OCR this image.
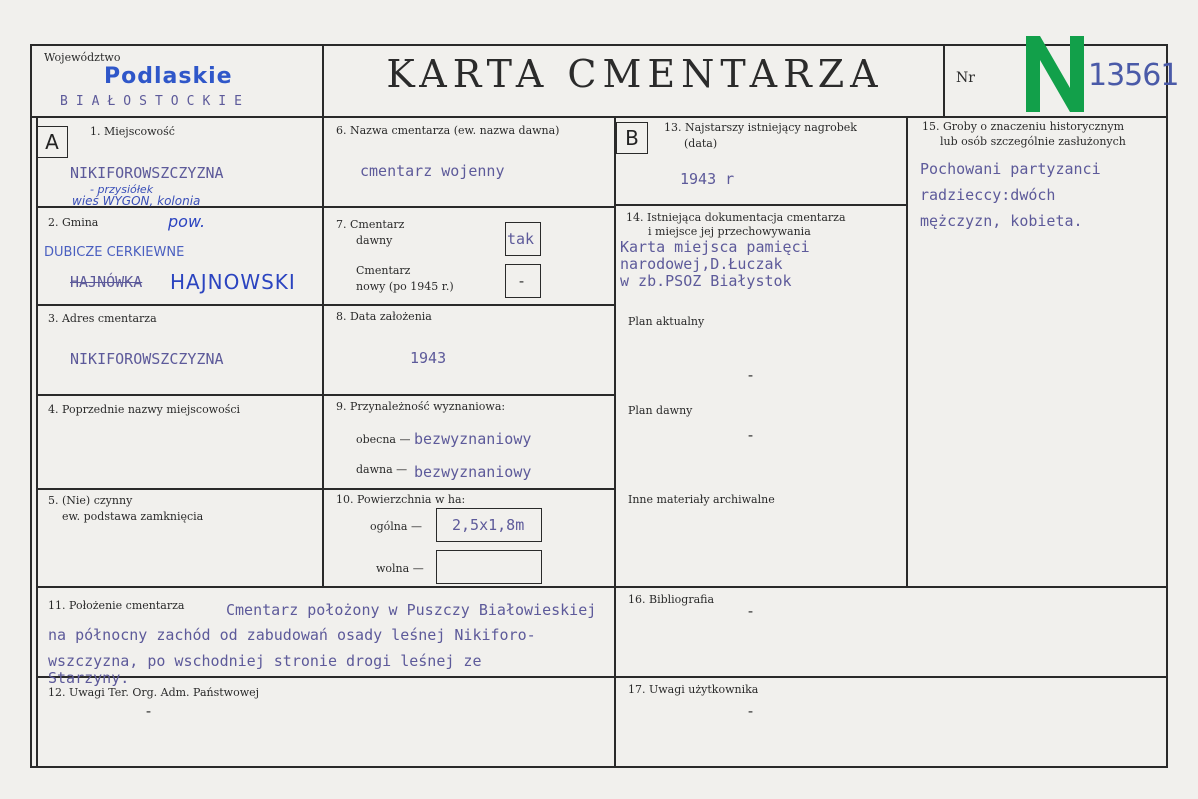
Województwo
Podlaskie
BIAŁOSTOCKIE
KARTA CMENTARZA	Nr	13561
A	B
1. Miejscowość
NIKIFOROWSZCZYZNA
- przysiółek
wieś WYGON, kolonia
2. Gmina	pow.
DUBICZE CERKIEWNE
HAJNÓWKA HAJNOWSKI
3. Adres cmentarza
NIKIFOROWSZCZYZNA
4. Poprzednie nazwy miejscowości
5. (Nie) czynny
ew. podstawa zamknięcia
6. Nazwa cmentarza (ew. nazwa dawna)
cmentarz wojenny
7. Cmentarz
dawny	tak
Cmentarz
nowy (po 1945 r.)	-
8. Data założenia
1943
9. Przynależność wyznaniowa:
obecna — bezwyznaniowy
dawna — bezwyznaniowy
10. Powierzchnia w ha:
ogólna — 2,5x1,8m
wolna —
13. Najstarszy istniejący nagrobek
(data)
1943 r
14. Istniejąca dokumentacja cmentarza
i miejsce jej przechowywania
Karta miejsca pamięci
narodowej,D.Łuczak
w zb.PSOZ Białystok
Plan aktualny
-
Plan dawny
-
Inne materiały archiwalne
15. Groby o znaczeniu historycznym
lub osób szczególnie zasłużonych
Pochowani partyzanci
radzieccy:dwóch
mężczyzn, kobieta.
11. Położenie cmentarza	Cmentarz położony w Puszczy Białowieskiej
na północny zachód od zabudowań osady leśnej Nikiforo-
wszczyzna, po wschodniej stronie drogi leśnej ze
Starzyny.
16. Bibliografia
-
12. Uwagi Ter. Org. Adm. Państwowej
-
17. Uwagi użytkownika
-
